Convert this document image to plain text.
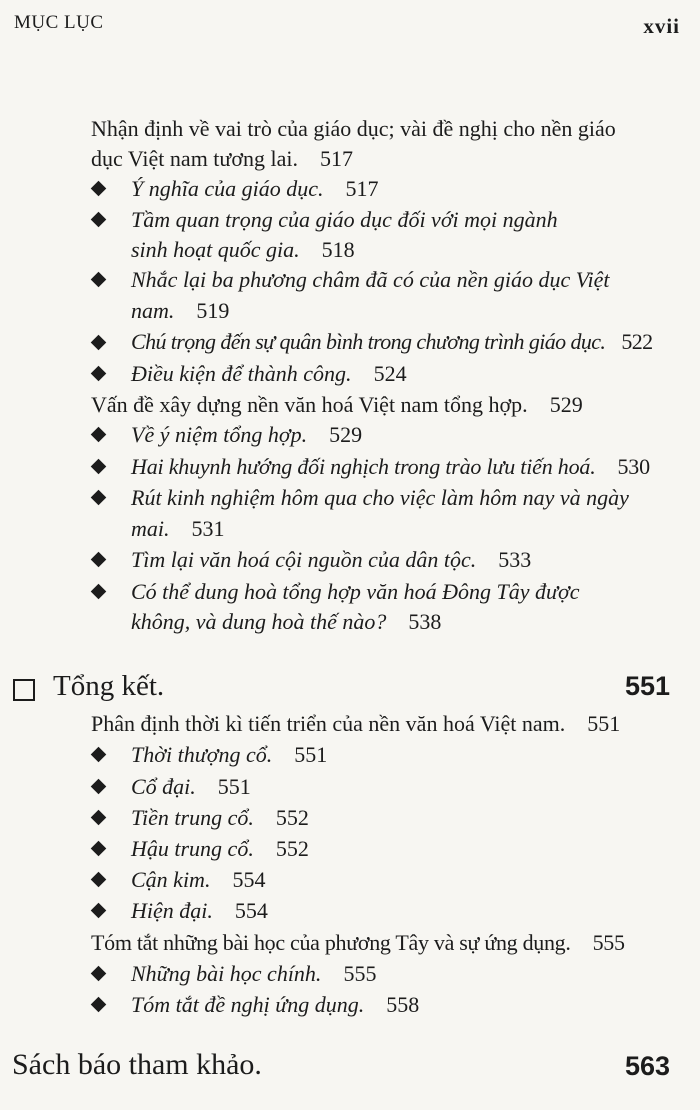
MỤC LỤC	xvii
Nhận định về vai trò của giáo dục; vài đề nghị cho nền giáo
dục Việt nam tương lai. 517
Ý nghĩa của giáo dục. 517
Tầm quan trọng của giáo dục đối với mọi ngành
sinh hoạt quốc gia. 518
Nhắc lại ba phương châm đã có của nền giáo dục Việt
nam. 519
Chú trọng đến sự quân bình trong chương trình giáo dục. 522
Điều kiện để thành công. 524
Vấn đề xây dựng nền văn hoá Việt nam tổng hợp. 529
Về ý niệm tổng hợp. 529
Hai khuynh hướng đối nghịch trong trào lưu tiến hoá. 530
Rút kinh nghiệm hôm qua cho việc làm hôm nay và ngày
mai. 531
Tìm lại văn hoá cội nguồn của dân tộc. 533
Có thể dung hoà tổng hợp văn hoá Đông Tây được
không, và dung hoà thế nào? 538
Tổng kết.	551
Phân định thời kì tiến triển của nền văn hoá Việt nam. 551
Thời thượng cổ. 551
Cổ đại. 551
Tiền trung cổ. 552
Hậu trung cổ. 552
Cận kim. 554
Hiện đại. 554
Tóm tắt những bài học của phương Tây và sự ứng dụng. 555
Những bài học chính. 555
Tóm tắt đề nghị ứng dụng. 558
Sách báo tham khảo.	563
